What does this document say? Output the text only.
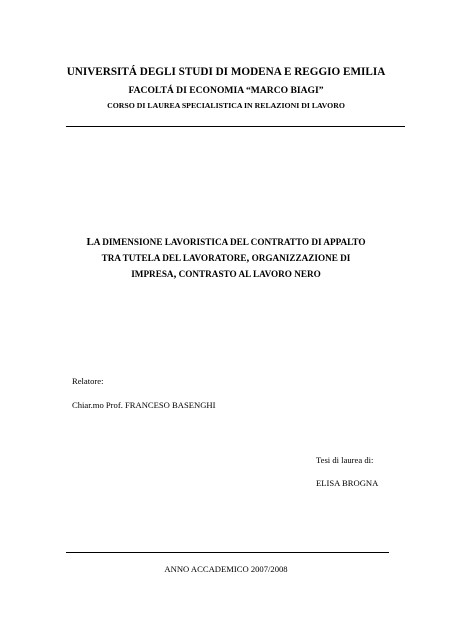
UNIVERSITÁ DEGLI STUDI DI MODENA E REGGIO EMILIA
FACOLTÁ DI ECONOMIA “MARCO BIAGI”
CORSO DI LAUREA SPECIALISTICA IN RELAZIONI DI LAVORO
LA DIMENSIONE LAVORISTICA DEL CONTRATTO DI APPALTO
TRA TUTELA DEL LAVORATORE, ORGANIZZAZIONE DI
IMPRESA, CONTRASTO AL LAVORO NERO
Relatore:
Chiar.mo Prof. FRANCESO BASENGHI
Tesi di laurea di:
ELISA BROGNA
ANNO ACCADEMICO 2007/2008
